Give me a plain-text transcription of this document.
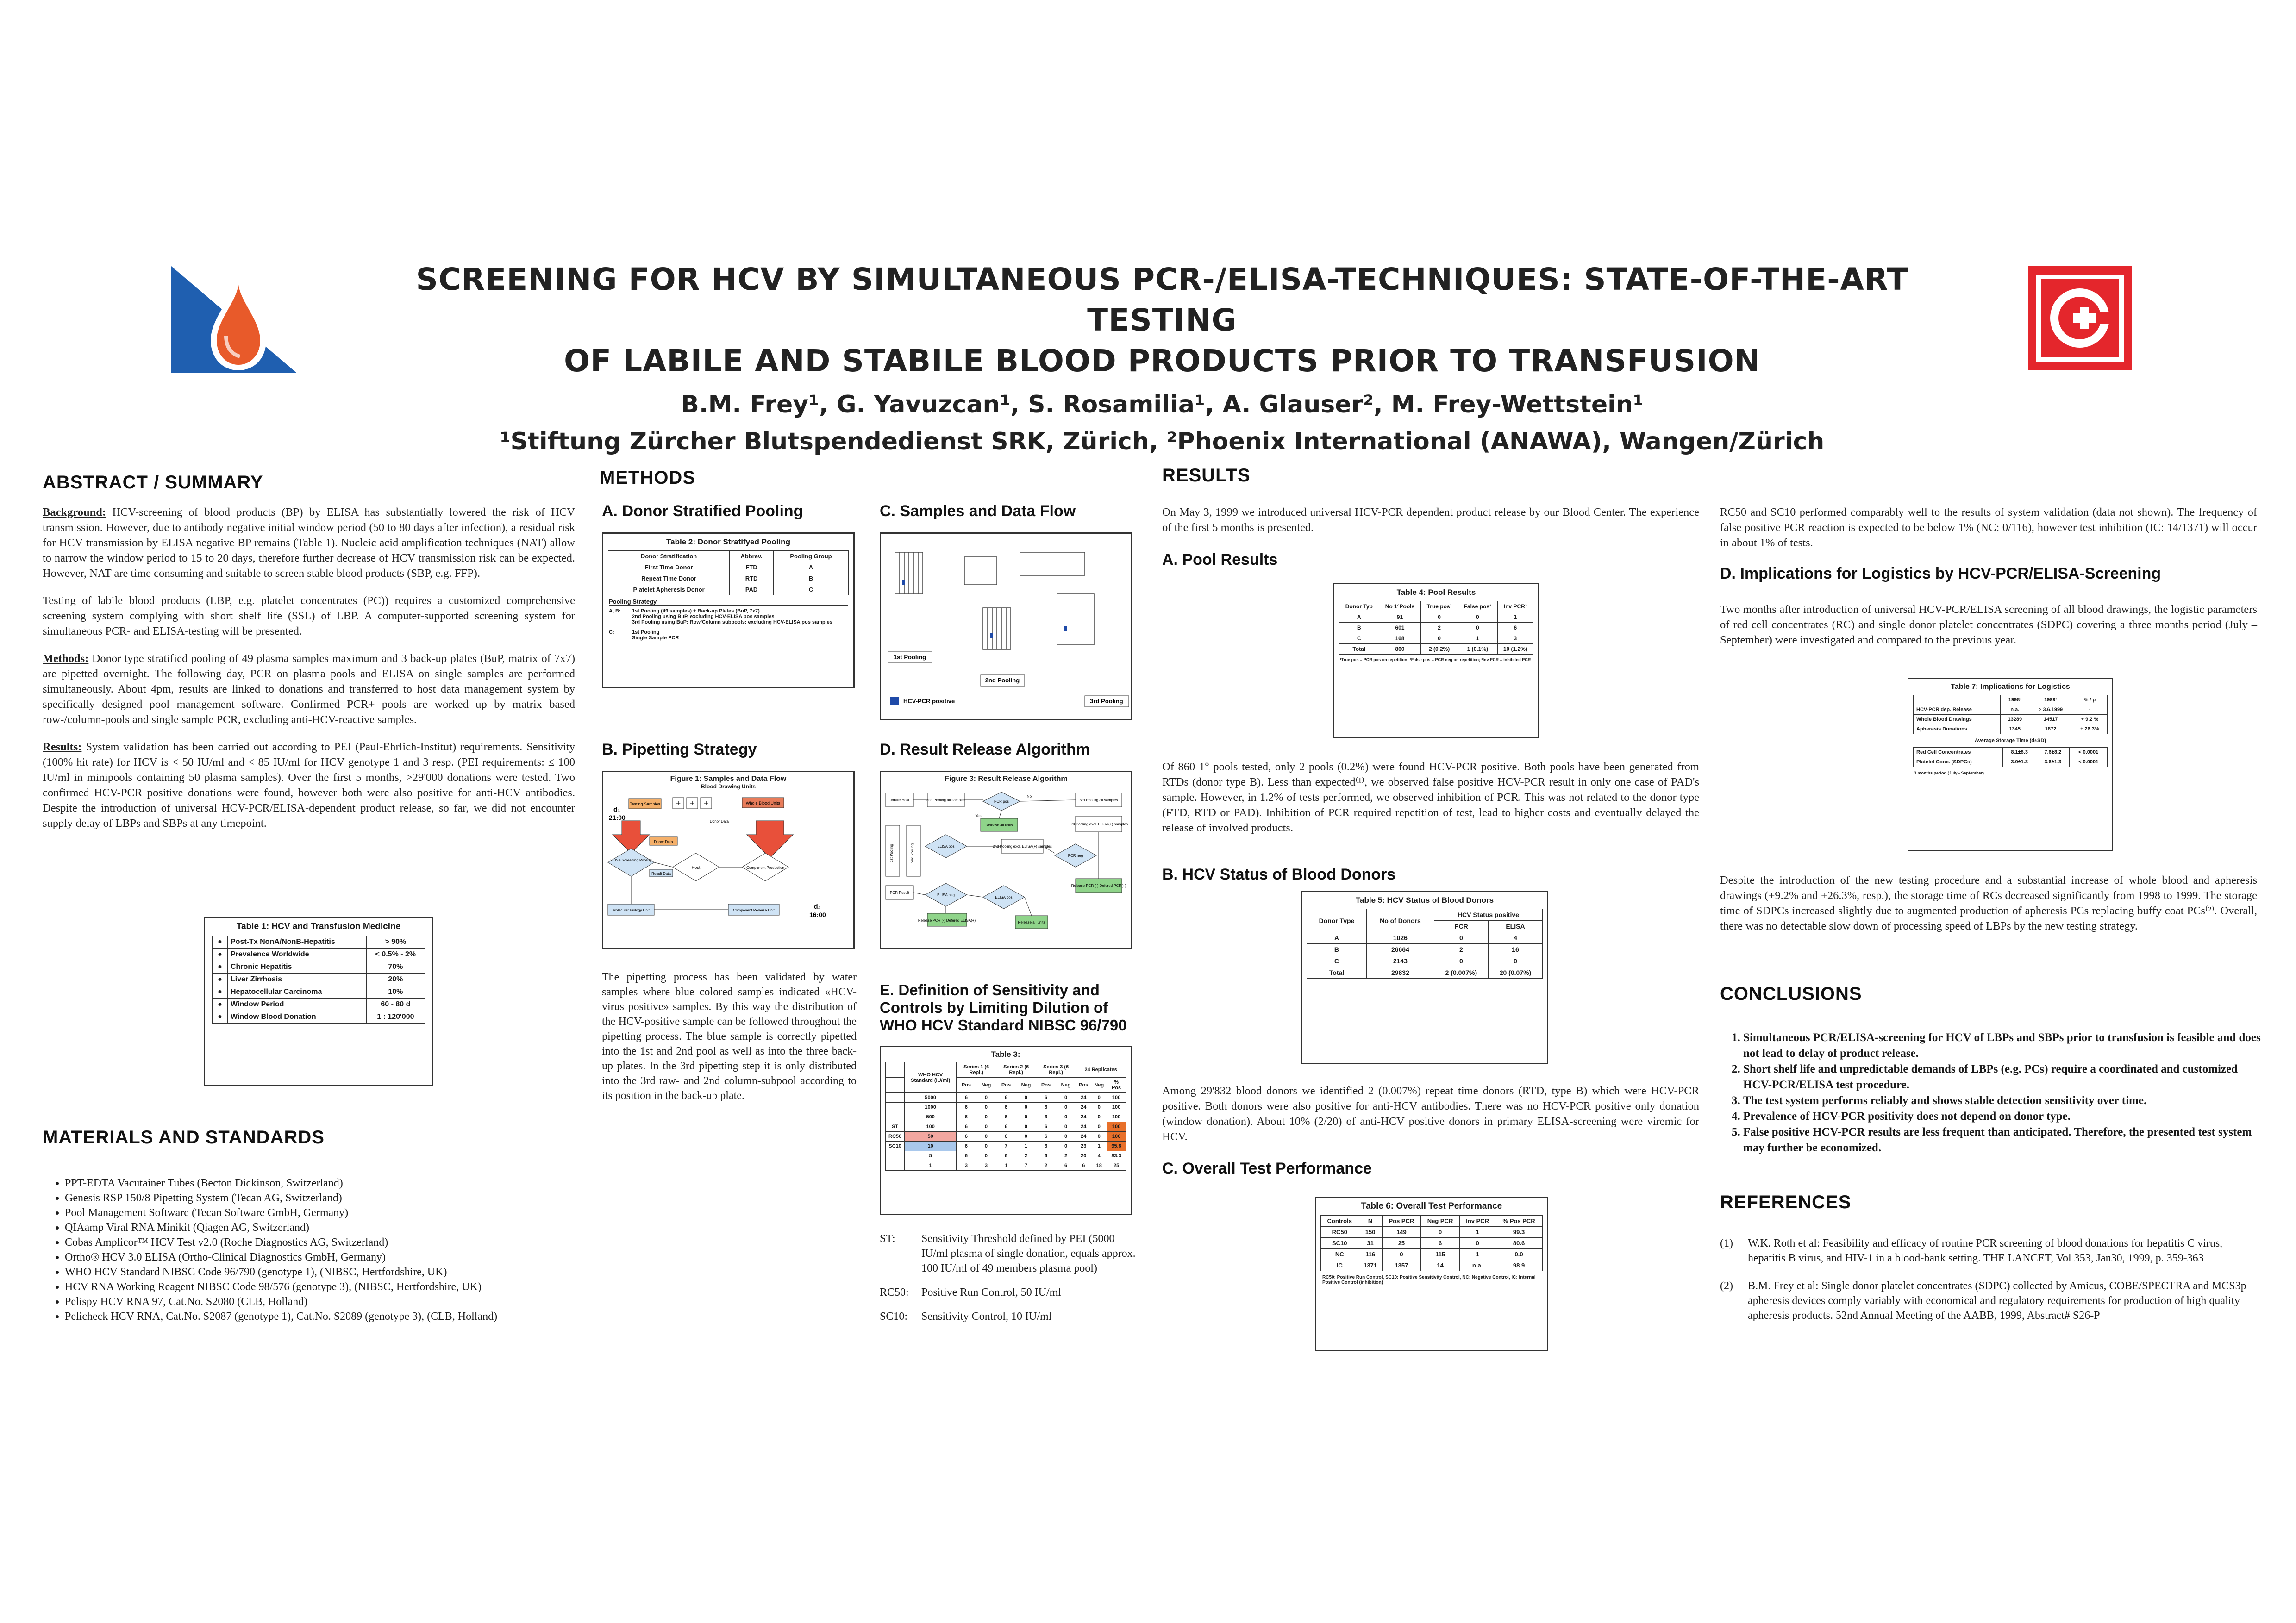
SCREENING FOR HCV BY SIMULTANEOUS PCR-/ELISA-TECHNIQUES: STATE-OF-THE-ART TESTING
OF LABILE AND STABILE BLOOD PRODUCTS PRIOR TO TRANSFUSION
B.M. Frey¹, G. Yavuzcan¹, S. Rosamilia¹, A. Glauser², M. Frey-Wettstein¹
¹Stiftung Zürcher Blutspendedienst SRK, Zürich, ²Phoenix International (ANAWA), Wangen/Zürich
ABSTRACT / SUMMARY

Background: HCV-screening of blood products (BP) by ELISA has substantially lowered the risk of HCV transmission. However, due to antibody negative initial window period (50 to 80 days after infection), a residual risk for HCV transmission by ELISA negative BP remains (Table 1). Nucleic acid amplification techniques (NAT) allow to narrow the window period to 15 to 20 days, therefore further decrease of HCV transmission risk can be expected. However, NAT are time consuming and suitable to screen stable blood products (SBP, e.g. FFP).

Testing of labile blood products (LBP, e.g. platelet concentrates (PC)) requires a customized comprehensive screening system complying with short shelf life (SSL) of LBP. A computer-supported screening system for simultaneous PCR- and ELISA-testing will be presented.

Methods: Donor type stratified pooling of 49 plasma samples maximum and 3 back-up plates (BuP, matrix of 7x7) are pipetted overnight. The following day, PCR on plasma pools and ELISA on single samples are performed simultaneously. About 4pm, results are linked to donations and transferred to host data management system by specifically designed pool management software. Confirmed PCR+ pools are worked up by matrix based row-/column-pools and single sample PCR, excluding anti-HCV-reactive samples.

Results: System validation has been carried out according to PEI (Paul-Ehrlich-Institut) requirements. Sensitivity (100% hit rate) for HCV is < 50 IU/ml and < 85 IU/ml for HCV genotype 1 and 3 resp. (PEI requirements: ≤ 100 IU/ml in minipools containing 50 plasma samples). Over the first 5 months, >29'000 donations were tested. Two confirmed HCV-PCR positive donations were found, however both were also positive for anti-HCV antibodies. Despite the introduction of universal HCV-PCR/ELISA-dependent product release, so far, we did not encounter supply delay of LBPs and SBPs at any timepoint.

Table 1: HCV and Transfusion Medicine
●	Post-Tx NonA/NonB-Hepatitis	> 90%
●	Prevalence Worldwide	< 0.5% - 2%
●	Chronic Hepatitis	70%
●	Liver Zirrhosis	20%
●	Hepatocellular Carcinoma	10%
●	Window Period	60 - 80 d
●	Window Blood Donation	1 : 120'000
MATERIALS AND STANDARDS
• PPT-EDTA Vacutainer Tubes (Becton Dickinson, Switzerland)
• Genesis RSP 150/8 Pipetting System (Tecan AG, Switzerland)
• Pool Management Software (Tecan Software GmbH, Germany)
• QIAamp Viral RNA Minikit (Qiagen AG, Switzerland)
• Cobas Amplicor™ HCV Test v2.0 (Roche Diagnostics AG, Switzerland)
• Ortho® HCV 3.0 ELISA (Ortho-Clinical Diagnostics GmbH, Germany)
• WHO HCV Standard NIBSC Code 96/790 (genotype 1), (NIBSC, Hertfordshire, UK)
• HCV RNA Working Reagent NIBSC Code 98/576 (genotype 3), (NIBSC, Hertfordshire, UK)
• Pelispy HCV RNA 97, Cat.No. S2080 (CLB, Holland)
• Pelicheck HCV RNA, Cat.No. S2087 (genotype 1), Cat.No. S2089 (genotype 3), (CLB, Holland)
METHODS
A. Donor Stratified Pooling
Table 2: Donor Stratifyed Pooling
Donor Stratification	Abbrev.	Pooling Group
First Time Donor	FTD	A
Repeat Time Donor	RTD	B
Platelet Apheresis Donor	PAD	C
Pooling Strategy
A, B:	1st Pooling (49 samples) + Back-up Plates (BuP, 7x7)
2nd Pooling using BuP, excluding HCV-ELISA pos samples
3rd Pooling using BuP; Row/Column subpools; excluding HCV-ELISA pos samples
C:	1st Pooling
Single Sample PCR
B. Pipetting Strategy
Figure 1: Samples and Data Flow
Blood Drawing Units
d₁
21:00
Testing Samples + + +	Whole Blood Units
Donor Data
Donor Data
ELISA Screening Pooling
Result Data
Host	Component Production
Molecular Biology Unit	Component Release Unit
d₂
16:00
The pipetting process has been validated by water samples where blue colored samples indicated «HCV-virus positive» samples. By this way the distribution of the HCV-positive sample can be followed throughout the pipetting process. The blue sample is correctly pipetted into the 1st and 2nd pool as well as into the three back-up plates. In the 3rd pipetting step it is only distributed into the 3rd raw- and 2nd column-subpool according to its position in the back-up plate.
C. Samples and Data Flow
1st Pooling
2nd Pooling
3rd Pooling
HCV-PCR positive
D. Result Release Algorithm
Figure 3: Result Release Algorithm
Jobfile Host	2nd Pooling all samples	PCR pos	3rd Pooling all samples
Release all units
ELISA pos	2nd Pooling excl. ELISA(+) samples
3rd Pooling excl. ELISA(+) samples
1st Pooling	2nd Pooling
PCR Result
PCR neg
ELISA neg
Release PCR (-) Defered ELISA(+)	Release all units
Release PCR (-) Defered PCR(+)
ELISA pos
Yes
No
E. Definition of Sensitivity and Controls by Limiting Dilution of WHO HCV Standard NIBSC 96/790
Table 3:
	WHO HCV Standard (IU/ml)	Series 1 (6 Repl.)		Series 2 (6 Repl.)		Series 3 (6 Repl.)		24 Replicates		
		Pos	Neg	Pos	Neg	Pos	Neg	Pos	Neg	% Pos
	5000	6	0	6	0	6	0	24	0	100
	1000	6	0	6	0	6	0	24	0	100
	500	6	0	6	0	6	0	24	0	100
ST	100	6	0	6	0	6	0	24	0	100
RC50	50	6	0	6	0	6	0	24	0	100
SC10	10	6	0	7	1	6	0	23	1	95.8
	5	6	0	6	2	6	2	20	4	83.3
	1	3	3	1	7	2	6	6	18	25
ST:	Sensitivity Threshold defined by PEI (5000 IU/ml plasma of single donation, equals approx. 100 IU/ml of 49 members plasma pool)
RC50:	Positive Run Control, 50 IU/ml
SC10:	Sensitivity Control, 10 IU/ml
RESULTS
On May 3, 1999 we introduced universal HCV-PCR dependent product release by our Blood Center. The experience of the first 5 months is presented.
A. Pool Results
Table 4: Pool Results
Donor Typ	No 1°Pools	True pos¹	False pos²	Inv PCR³
A	91	0	0	1
B	601	2	0	6
C	168	0	1	3
Total	860	2 (0.2%)	1 (0.1%)	10 (1.2%)
¹True pos = PCR pos on repetition; ²False pos = PCR neg on repetition; ³Inv PCR = inhibited PCR
Of 860 1° pools tested, only 2 pools (0.2%) were found HCV-PCR positive. Both pools have been generated from RTDs (donor type B). Less than expected⁽¹⁾, we observed false positive HCV-PCR result in only one case of PAD's sample. However, in 1.2% of tests performed, we observed inhibition of PCR. This was not related to the donor type (FTD, RTD or PAD). Inhibition of PCR required repetition of test, lead to higher costs and eventually delayed the release of involved products.
B. HCV Status of Blood Donors
Table 5: HCV Status of Blood Donors
Donor Type	No of Donors	HCV Status positive	
		PCR	ELISA
A	1026	0	4
B	26664	2	16
C	2143	0	0
Total	29832	2 (0.007%)	20 (0.07%)
Among 29'832 blood donors we identified 2 (0.007%) repeat time donors (RTD, type B) which were HCV-PCR positive. Both donors were also positive for anti-HCV antibodies. There was no HCV-PCR positive only donation (window donation). About 10% (2/20) of anti-HCV positive donors in primary ELISA-screening were viremic for HCV.
C. Overall Test Performance
Table 6: Overall Test Performance
Controls	N	Pos PCR	Neg PCR	Inv PCR	% Pos PCR
RC50	150	149	0	1	99.3
SC10	31	25	6	0	80.6
NC	116	0	115	1	0.0
IC	1371	1357	14	n.a.	98.9
RC50: Positive Run Control, SC10: Positive Sensitivity Control, NC: Negative Control, IC: Internal Positive Control (inhibition)
RC50 and SC10 performed comparably well to the results of system validation (data not shown). The frequency of false positive PCR reaction is expected to be below 1% (NC: 0/116), however test inhibition (IC: 14/1371) will occur in about 1% of tests.
D. Implications for Logistics by HCV-PCR/ELISA-Screening
Two months after introduction of universal HCV-PCR/ELISA screening of all blood drawings, the logistic parameters of red cell concentrates (RC) and single donor platelet concentrates (SDPC) covering a three months period (July – September) were investigated and compared to the previous year.
Table 7: Implications for Logistics
	1998³	1999³	% / p
HCV-PCR dep. Release	n.a.	> 3.6.1999	-
Whole Blood Drawings	13289	14517	+ 9.2 %
Apheresis Donations	1345	1872	+ 26.3%
Average Storage Time (d±SD)
Red Cell Concentrates	8.1±8.3	7.6±8.2	< 0.0001
Platelet Conc. (SDPCs)	3.0±1.3	3.6±1.3	< 0.0001
3 months period (July - September)
Despite the introduction of the new testing procedure and a substantial increase of whole blood and apheresis drawings (+9.2% and +26.3%, resp.), the storage time of RCs decreased significantly from 1998 to 1999. The storage time of SDPCs increased slightly due to augmented production of apheresis PCs replacing buffy coat PCs⁽²⁾. Overall, there was no detectable slow down of processing speed of LBPs by the new testing strategy.
CONCLUSIONS
1. Simultaneous PCR/ELISA-screening for HCV of LBPs and SBPs prior to transfusion is feasible and does not lead to delay of product release.
2. Short shelf life and unpredictable demands of LBPs (e.g. PCs) require a coordinated and customized HCV-PCR/ELISA test procedure.
3. The test system performs reliably and shows stable detection sensitivity over time.
4. Prevalence of HCV-PCR positivity does not depend on donor type.
5. False positive HCV-PCR results are less frequent than anticipated. Therefore, the presented test system may further be economized.
REFERENCES
(1)	W.K. Roth et al: Feasibility and efficacy of routine PCR screening of blood donations for hepatitis C virus, hepatitis B virus, and HIV-1 in a blood-bank setting. THE LANCET, Vol 353, Jan30, 1999, p. 359-363
(2)	B.M. Frey et al: Single donor platelet concentrates (SDPC) collected by Amicus, COBE/SPECTRA and MCS3p apheresis devices comply variably with economical and regulatory requirements for production of high quality apheresis products. 52nd Annual Meeting of the AABB, 1999, Abstract# S26-P
